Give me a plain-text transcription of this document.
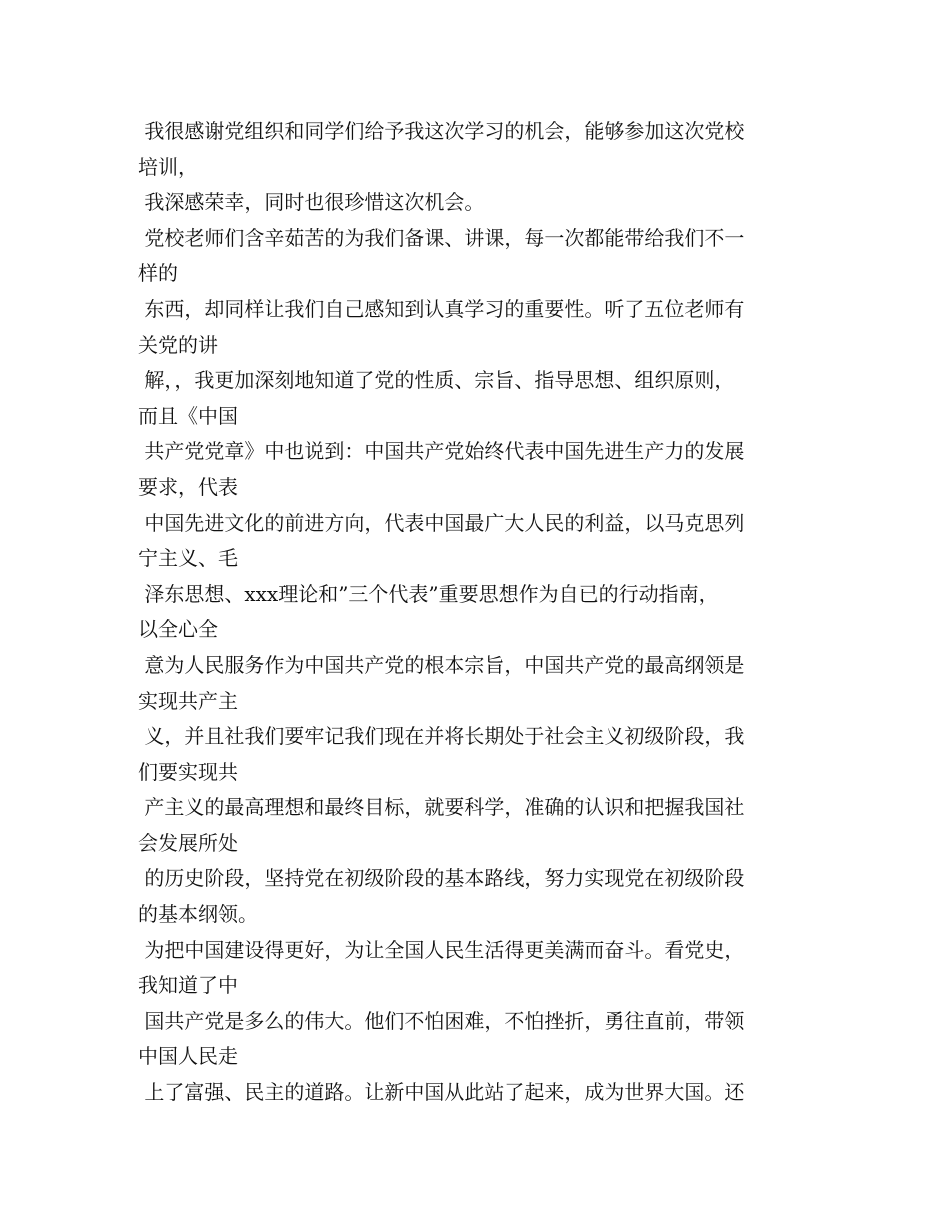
我很感谢党组织和同学们给予我这次学习的机会，能够参加这次党校
培训，
我深感荣幸，同时也很珍惜这次机会。
党校老师们含辛茹苦的为我们备课、讲课，每一次都能带给我们不一
样的
东西，却同样让我们自己感知到认真学习的重要性。听了五位老师有
关党的讲
解，，我更加深刻地知道了党的性质、宗旨、指导思想、组织原则，
而且《中国
共产党党章》中也说到：中国共产党始终代表中国先进生产力的发展
要求，代表
中国先进文化的前进方向，代表中国最广大人民的利益，以马克思列
宁主义、毛
泽东思想、xxx理论和”三个代表”重要思想作为自已的行动指南，
以全心全
意为人民服务作为中国共产党的根本宗旨，中国共产党的最高纲领是
实现共产主
义，并且社我们要牢记我们现在并将长期处于社会主义初级阶段，我
们要实现共
产主义的最高理想和最终目标，就要科学，准确的认识和把握我国社
会发展所处
的历史阶段，坚持党在初级阶段的基本路线，努力实现党在初级阶段
的基本纲领。
为把中国建设得更好，为让全国人民生活得更美满而奋斗。看党史，
我知道了中
国共产党是多么的伟大。他们不怕困难，不怕挫折，勇往直前，带领
中国人民走
上了富强、民主的道路。让新中国从此站了起来，成为世界大国。还
